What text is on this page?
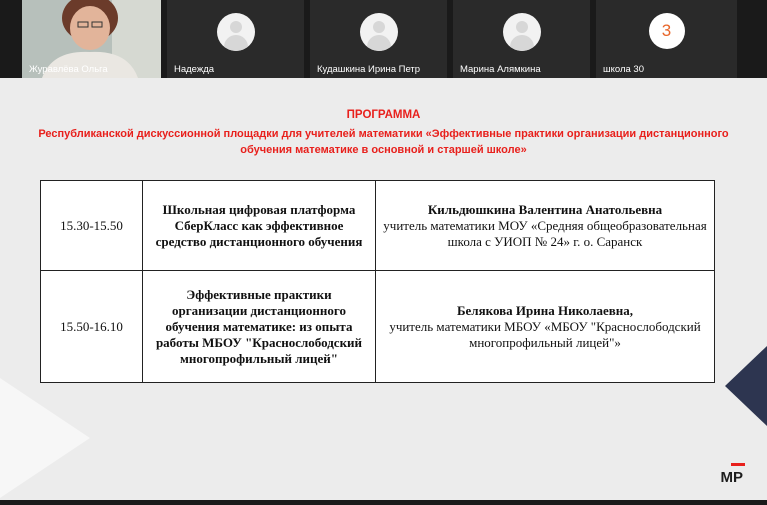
Журавлёва Ольга	Надежда	Кудашкина Ирина Петр	Марина Алямкина
3
школа 30
ПРОГРАММА
Республиканской дискуссионной площадки для учителей математики «Эффективные практики организации дистанционного обучения математике в основной и старшей школе»
15.30-15.50	Школьная цифровая платформа СберКласс как эффективное средство дистанционного обучения	Кильдюшкина Валентина Анатольевна
учитель математики МОУ «Средняя общеобразовательная школа с УИОП № 24» г. о. Саранск

15.50-16.10	Эффективные практики организации дистанционного обучения математике: из опыта работы МБОУ "Краснослободский многопрофильный лицей"	Белякова Ирина Николаевна,
учитель математики МБОУ «МБОУ "Краснослободский многопрофильный лицей"»
МР
